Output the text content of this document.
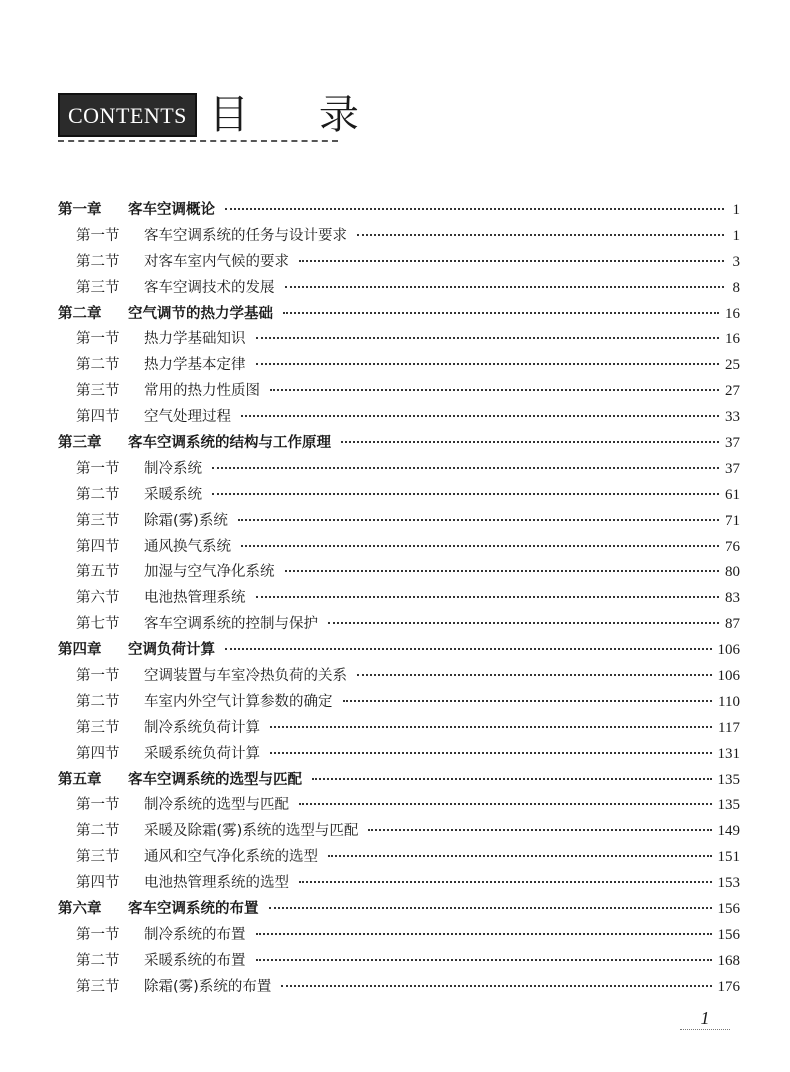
CONTENTS 目录
第一章	客车空调概论	1
第一节	客车空调系统的任务与设计要求	1
第二节	对客车室内气候的要求	3
第三节	客车空调技术的发展	8
第二章	空气调节的热力学基础	16
第一节	热力学基础知识	16
第二节	热力学基本定律	25
第三节	常用的热力性质图	27
第四节	空气处理过程	33
第三章	客车空调系统的结构与工作原理	37
第一节	制冷系统	37
第二节	采暖系统	61
第三节	除霜(雾)系统	71
第四节	通风换气系统	76
第五节	加湿与空气净化系统	80
第六节	电池热管理系统	83
第七节	客车空调系统的控制与保护	87
第四章	空调负荷计算	106
第一节	空调装置与车室冷热负荷的关系	106
第二节	车室内外空气计算参数的确定	110
第三节	制冷系统负荷计算	117
第四节	采暖系统负荷计算	131
第五章	客车空调系统的选型与匹配	135
第一节	制冷系统的选型与匹配	135
第二节	采暖及除霜(雾)系统的选型与匹配	149
第三节	通风和空气净化系统的选型	151
第四节	电池热管理系统的选型	153
第六章	客车空调系统的布置	156
第一节	制冷系统的布置	156
第二节	采暖系统的布置	168
第三节	除霜(雾)系统的布置	176
1
